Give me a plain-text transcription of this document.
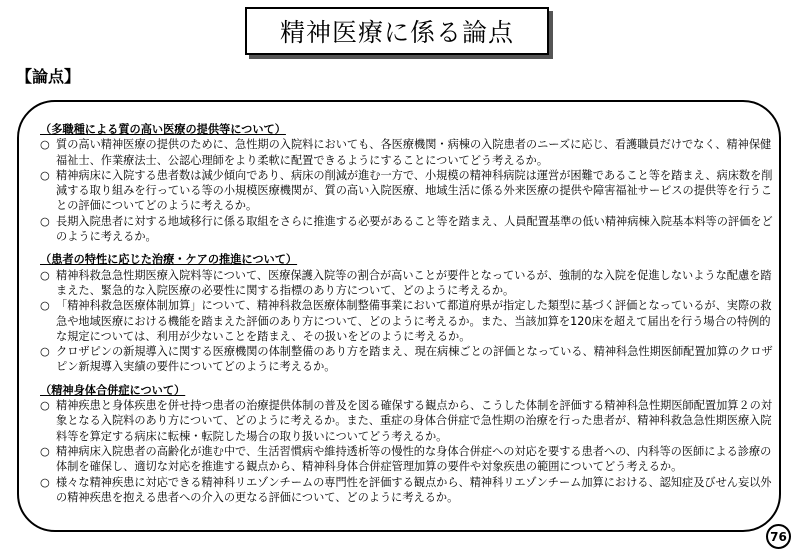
精神医療に係る論点
【論点】
（多職種による質の高い医療の提供等について）
○ 質の高い精神医療の提供のために、急性期の入院料においても、各医療機関・病棟の入院患者のニーズに応じ、看護職員だけでなく、精神保健福祉士、作業療法士、公認心理師をより柔軟に配置できるようにすることについてどう考えるか。
○ 精神病床に入院する患者数は減少傾向であり、病床の削減が進む一方で、小規模の精神科病院は運営が困難であること等を踏まえ、病床数を削減する取り組みを行っている等の小規模医療機関が、質の高い入院医療、地域生活に係る外来医療の提供や障害福祉サービスの提供等を行うことの評価についてどのように考えるか。
○ 長期入院患者に対する地域移行に係る取組をさらに推進する必要があること等を踏まえ、人員配置基準の低い精神病棟入院基本料等の評価をどのように考えるか。
（患者の特性に応じた治療・ケアの推進について）
○ 精神科救急急性期医療入院料等について、医療保護入院等の割合が高いことが要件となっているが、強制的な入院を促進しないような配慮を踏まえた、緊急的な入院医療の必要性に関する指標のあり方について、どのように考えるか。
○ 「精神科救急医療体制加算」について、精神科救急医療体制整備事業において都道府県が指定した類型に基づく評価となっているが、実際の救急や地域医療における機能を踏まえた評価のあり方について、どのように考えるか。また、当該加算を120床を超えて届出を行う場合の特例的な規定については、利用が少ないことを踏まえ、その扱いをどのように考えるか。
○ クロザピンの新規導入に関する医療機関の体制整備のあり方を踏まえ、現在病棟ごとの評価となっている、精神科急性期医師配置加算のクロザピン新規導入実績の要件についてどのように考えるか。
（精神身体合併症について）
○ 精神疾患と身体疾患を併せ持つ患者の治療提供体制の普及を図る確保する観点から、こうした体制を評価する精神科急性期医師配置加算２の対象となる入院料のあり方について、どのように考えるか。また、重症の身体合併症で急性期の治療を行った患者が、精神科救急急性期医療入院料等を算定する病床に転棟・転院した場合の取り扱いについてどう考えるか。
○ 精神病床入院患者の高齢化が進む中で、生活習慣病や維持透析等の慢性的な身体合併症への対応を要する患者への、内科等の医師による診療の体制を確保し、適切な対応を推進する観点から、精神科身体合併症管理加算の要件や対象疾患の範囲についてどう考えるか。
○ 様々な精神疾患に対応できる精神科リエゾンチームの専門性を評価する観点から、精神科リエゾンチーム加算における、認知症及びせん妄以外の精神疾患を抱える患者への介入の更なる評価について、どのように考えるか。
76
